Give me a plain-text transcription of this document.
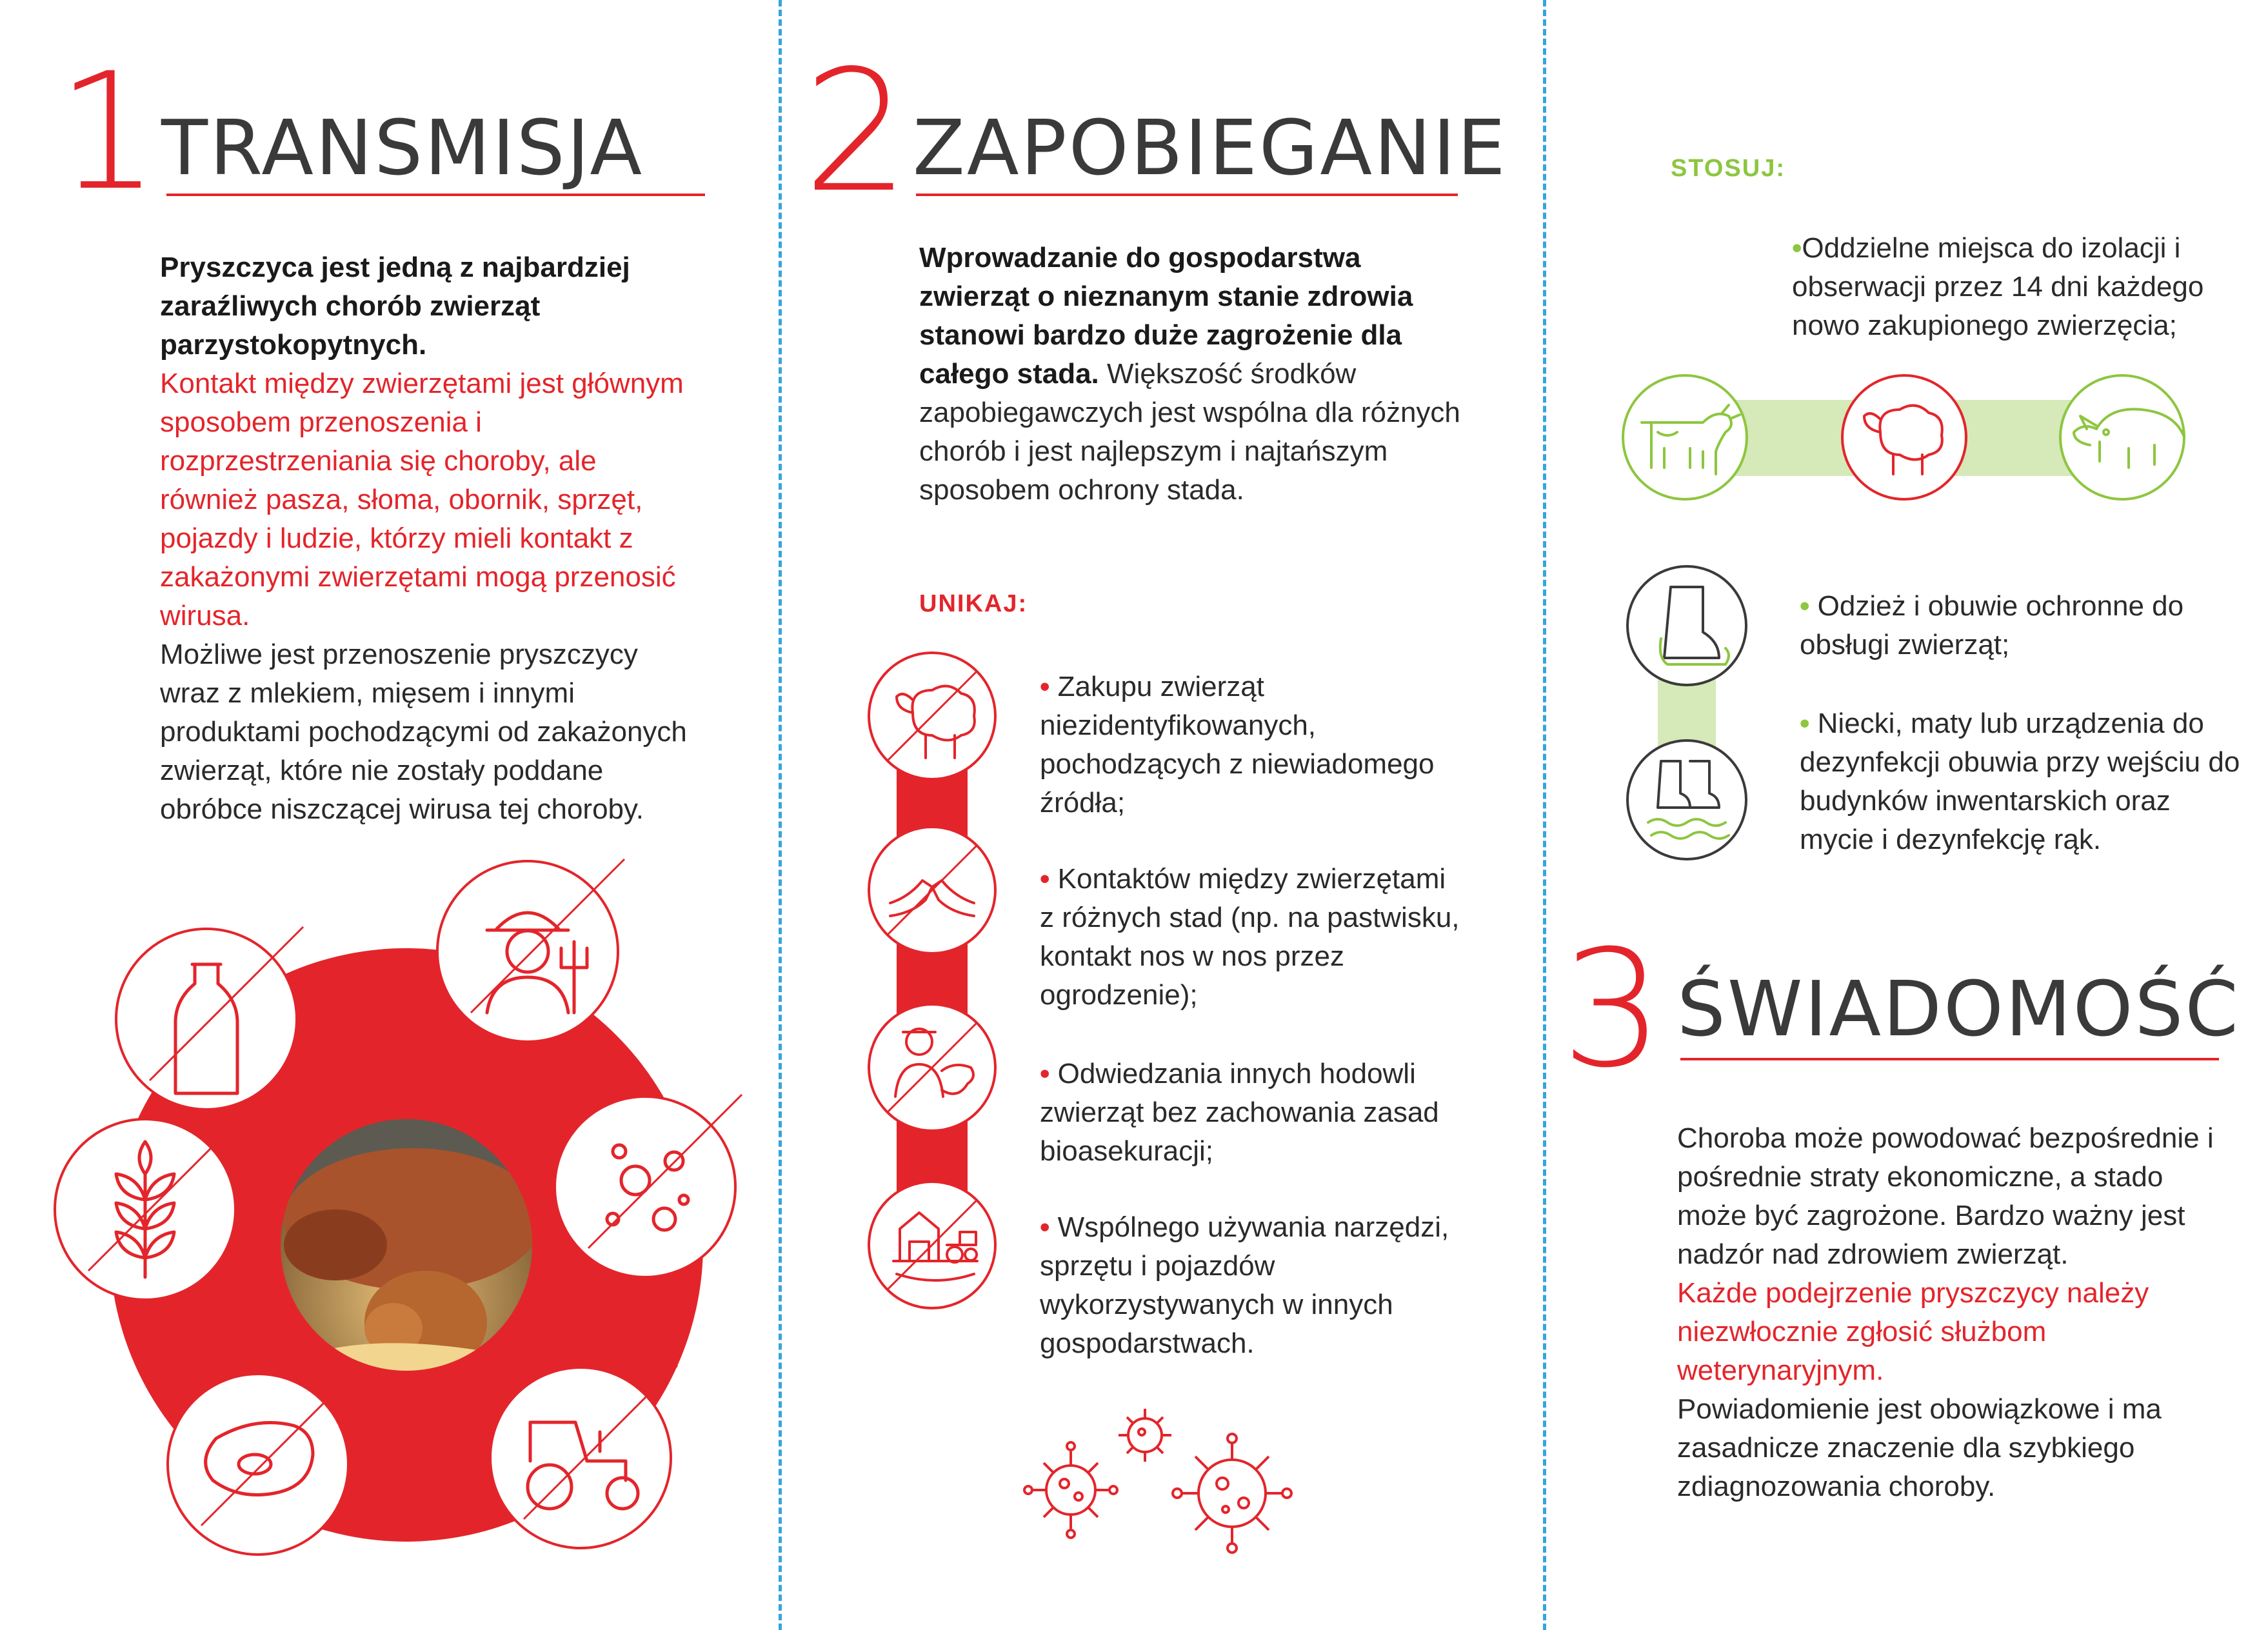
1 TRANSMISJA
Pryszczyca jest jedną z najbardziej zaraźliwych chorób zwierząt parzystokopytnych.
Kontakt między zwierzętami jest głównym sposobem przenoszenia i rozprzestrzeniania się choroby, ale również pasza, słoma, obornik, sprzęt, pojazdy i ludzie, którzy mieli kontakt z zakażonymi zwierzętami mogą przenosić wirusa.
Możliwe jest przenoszenie pryszczycy wraz z mlekiem, mięsem i innymi produktami pochodzącymi od zakażonych zwierząt, które nie zostały poddane obróbce niszczącej wirusa tej choroby.
2 ZAPOBIEGANIE
Wprowadzanie do gospodarstwa zwierząt o nieznanym stanie zdrowia stanowi bardzo duże zagrożenie dla całego stada. Większość środków zapobiegawczych jest wspólna dla różnych chorób i jest najlepszym i najtańszym sposobem ochrony stada.
UNIKAJ:
• Zakupu zwierząt niezidentyfikowanych, pochodzących z niewiadomego źródła;
• Kontaktów między zwierzętami z różnych stad (np. na pastwisku, kontakt nos w nos przez ogrodzenie);
• Odwiedzania innych hodowli zwierząt bez zachowania zasad bioasekuracji;
• Wspólnego używania narzędzi, sprzętu i pojazdów wykorzystywanych w innych gospodarstwach.
STOSUJ:
•Oddzielne miejsca do izolacji i obserwacji przez 14 dni każdego nowo zakupionego zwierzęcia;
• Odzież i obuwie ochronne do obsługi zwierząt;
• Niecki, maty lub urządzenia do dezynfekcji obuwia przy wejściu do budynków inwentarskich oraz mycie i dezynfekcję rąk.
3 ŚWIADOMOŚĆ
Choroba może powodować bezpośrednie i pośrednie straty ekonomiczne, a stado może być zagrożone. Bardzo ważny jest nadzór nad zdrowiem zwierząt.
Każde podejrzenie pryszczycy należy niezwłocznie zgłosić służbom weterynaryjnym.
Powiadomienie jest obowiązkowe i ma zasadnicze znaczenie dla szybkiego zdiagnozowania choroby.
